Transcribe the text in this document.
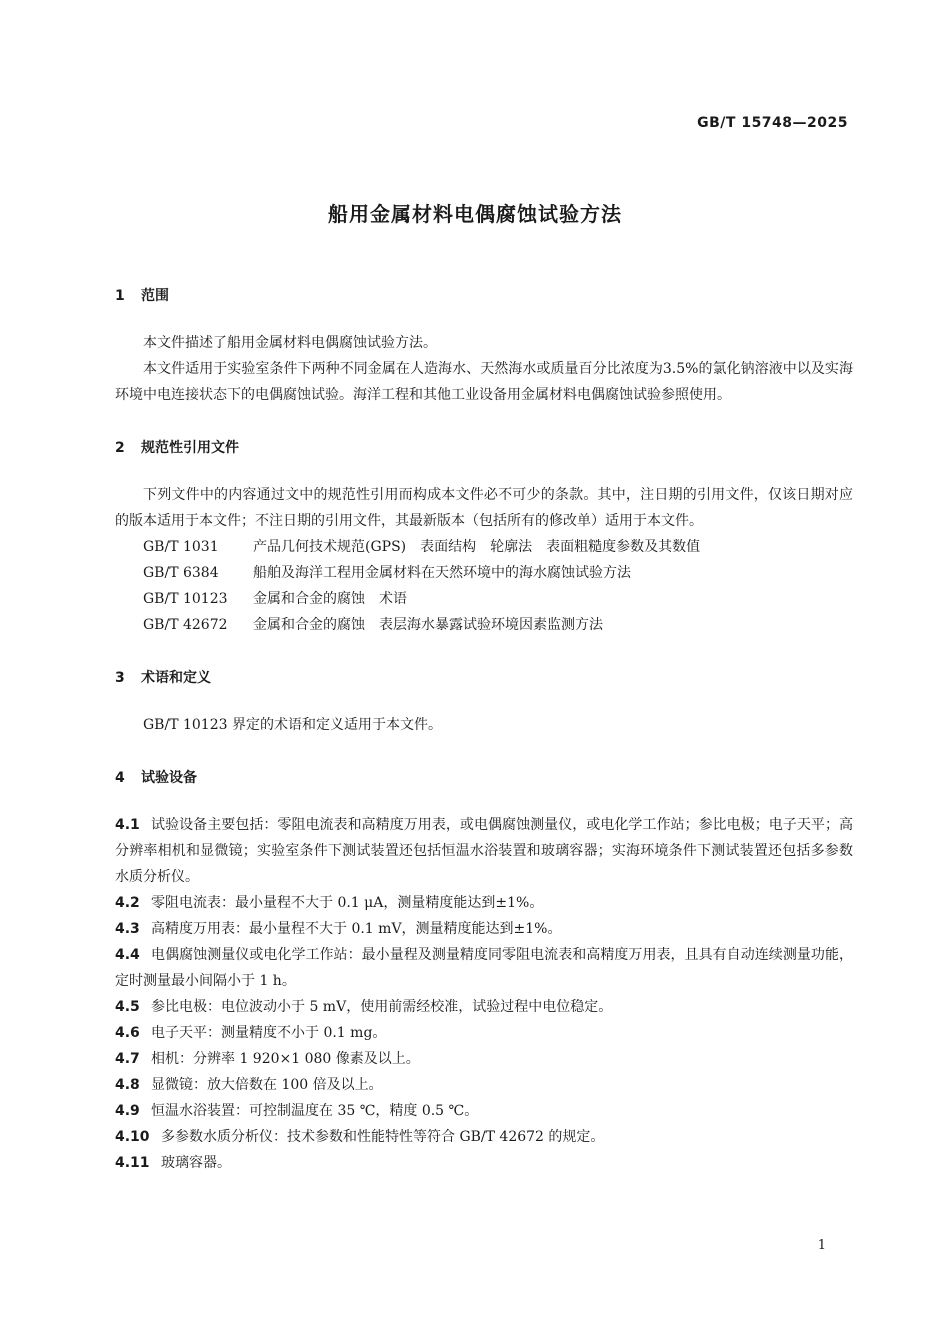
GB/T 15748—2025
船用金属材料电偶腐蚀试验方法
1 范围

本文件描述了船用金属材料电偶腐蚀试验方法。

本文件适用于实验室条件下两种不同金属在人造海水、天然海水或质量百分比浓度为3.5%的氯化钠溶液中以及实海环境中电连接状态下的电偶腐蚀试验。海洋工程和其他工业设备用金属材料电偶腐蚀试验参照使用。

2 规范性引用文件

下列文件中的内容通过文中的规范性引用而构成本文件必不可少的条款。其中，注日期的引用文件，仅该日期对应的版本适用于本文件；不注日期的引用文件，其最新版本（包括所有的修改单）适用于本文件。

GB/T 1031 产品几何技术规范(GPS)　表面结构　轮廓法　表面粗糙度参数及其数值

GB/T 6384 船舶及海洋工程用金属材料在天然环境中的海水腐蚀试验方法

GB/T 10123 金属和合金的腐蚀　术语

GB/T 42672 金属和合金的腐蚀　表层海水暴露试验环境因素监测方法

3 术语和定义

GB/T 10123 界定的术语和定义适用于本文件。

4 试验设备

4.1 试验设备主要包括：零阻电流表和高精度万用表，或电偶腐蚀测量仪，或电化学工作站；参比电极；电子天平；高分辨率相机和显微镜；实验室条件下测试装置还包括恒温水浴装置和玻璃容器；实海环境条件下测试装置还包括多参数水质分析仪。

4.2 零阻电流表：最小量程不大于 0.1 μA，测量精度能达到±1%。

4.3 高精度万用表：最小量程不大于 0.1 mV，测量精度能达到±1%。

4.4 电偶腐蚀测量仪或电化学工作站：最小量程及测量精度同零阻电流表和高精度万用表，且具有自动连续测量功能，定时测量最小间隔小于 1 h。

4.5 参比电极：电位波动小于 5 mV，使用前需经校准，试验过程中电位稳定。

4.6 电子天平：测量精度不小于 0.1 mg。

4.7 相机：分辨率 1 920×1 080 像素及以上。

4.8 显微镜：放大倍数在 100 倍及以上。

4.9 恒温水浴装置：可控制温度在 35 ℃，精度 0.5 ℃。

4.10 多参数水质分析仪：技术参数和性能特性等符合 GB/T 42672 的规定。

4.11 玻璃容器。

1
